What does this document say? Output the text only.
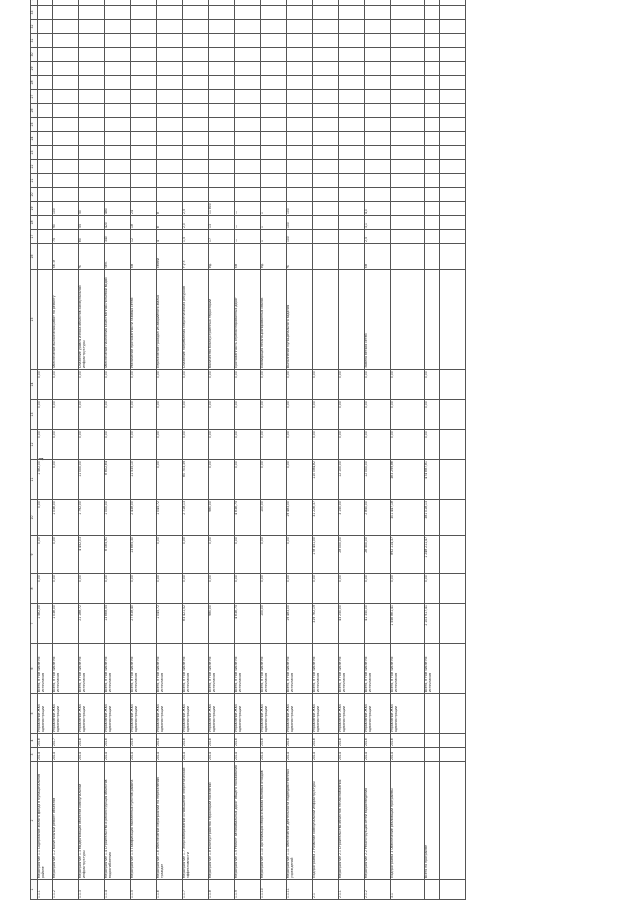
¬
1	2	3	4	5	6	7	8	9	10	11	12	13	14	15	16	17	18	19	20	21	22	23	24	25	26	27	28	29	30	31	32	33	
1.1.1	Мероприятие 1.1 Содержание жилого фонда в муниципальном районе	2014	2016	Управление ЖКХ администрации	Всего, в том числе по источникам	1 562,00	0,00	0,00	0,00	1 562,00	0,00	0,00	0,00																				
1.1.2	Мероприятие 1.2 Капитальный ремонт объектов	2014	2017	Управление ЖКХ администрации	Всего, в том числе по источникам	1 036,00	0,00	0,00	1 036,00	0,00	0,00	0,00	0,00	Обеспечение выполнения работ по ремонту	кв. м	75	90	100															
1.1.3	Мероприятие 1.3 Модернизация объектов коммунальной инфраструктуры	2014	2016	Управление ЖКХ администрации	Всего, в том числе по источникам	21 188,72	0,00	4 452,03	1 792,00	11 000,00	0,00	0,00	0,00	Снижение уровня износа объектов коммунальной инфраструктуры	%	60	55	50															
1.1.4	Мероприятие 1.4 Строительство и реконструкция объектов водоснабжения	2014	2016	Управление ЖКХ администрации	Всего, в том числе по источникам	13 668,55	0,00	6 065,91	1 000,00	6 602,64	0,00	0,00	0,00	Обеспечение населения качественной питьевой водой	чел.	340	420	480															
1.1.5	Мероприятие 1.5 Газификация населенных пунктов района	2014	2016	Управление ЖКХ администрации	Всего, в том числе по источникам	27 638,40	0,00	13 665,30	2 438,00	11 535,10	0,00	0,00	0,00	Увеличение протяженности газовых сетей	км	12	18	24															
1.1.6	Мероприятие 1.6 Обеспечение мероприятий по переселению граждан	2014	2016	Управление ЖКХ администрации	Всего, в том числе по источникам	1 045,72	0,00	0,00	1 045,72	0,00	0,00	0,00	0,00	Переселение граждан из аварийного жилья	семей	4	6	8															
1.1.7	Мероприятие 1.7 Энергосбережение и повышение энергетической эффективности	2014	2016	Управление ЖКХ администрации	Всего, в том числе по источникам	63 421,52	0,00	0,00	2 718,13	60 703,39	0,00	0,00	0,00	Снижение потребления энергетических ресурсов	т.у.т.	1,5	2,0	2,5															
1.1.8	Мероприятие 1.8 Благоустройство территорий поселений	2014	2016	Управление ЖКХ администрации	Всего, в том числе по источникам	980,00	0,00	0,00	980,00	0,00	0,00	0,00	0,00	Количество благоустроенных территорий	ед.	17	13	11 800															
1.1.9	Мероприятие 1.9 Ремонт автомобильных дорог общего пользования	2014	2016	Управление ЖКХ администрации	Всего, в том числе по источникам	4 636,75	0,00	0,00	4 636,75	0,00	0,00	0,00	0,00	Протяженность отремонтированных дорог	км	—	—	—															
1.1.10	Мероприятие 1.10 Организация сбора и вывоза бытовых отходов	2014	2016	Управление ЖКХ администрации	Всего, в том числе по источникам	100,00	0,00	0,00	100,00	0,00	0,00	0,00	0,00	Ликвидация несанкционированных свалок	ед.	1	1	1															
1.1.11	Мероприятие 1.11 Обеспечение деятельности подведомственных учреждений	2014	2016	Управление ЖКХ администрации	Всего, в том числе по источникам	19 483,00	0,00	0,00	19 483,00	0,00	0,00	0,00	0,00	Выполнение муниципального задания	%	100	100	100															
2.1	Подпрограмма 2 Развитие коммунальной инфраструктуры	2014	2016	Управление ЖКХ администрации	Всего, в том числе по источникам	319 762,19	0,00	178 451,00	31 226,37	110 084,82	0,00	0,00	0,00																				
2.1.1	Мероприятие 2.1 Строительство объектов теплоснабжения	2014	2016	Управление ЖКХ администрации	Всего, в том числе по источникам	43 250,00	0,00	28 000,00	3 150,00	12 100,00	0,00	0,00	0,00																				
2.1.2	Мероприятие 2.2 Реконструкция сетей водоотведения	2014	2016	Управление ЖКХ администрации	Всего, в том числе по источникам	41 350,00	0,00	26 500,00	2 850,00	12 000,00	0,00	0,00	0,00	Замена ветхих сетей	км	2,5	3,1	4,0															
3.1	Подпрограмма 3 Обеспечение реализации программы	2014	2016	Управление ЖКХ администрации	Всего, в том числе по источникам	1 556 861,41	0,00	892 114,37	301 447,18	363 299,86	0,00	0,00	0,00																				
	Всего по программе				Всего, в том числе по источникам	2 103 917,41	0,00	1 248 211,47	381 018,13	474 687,81	0,00	0,00	0,00																				
